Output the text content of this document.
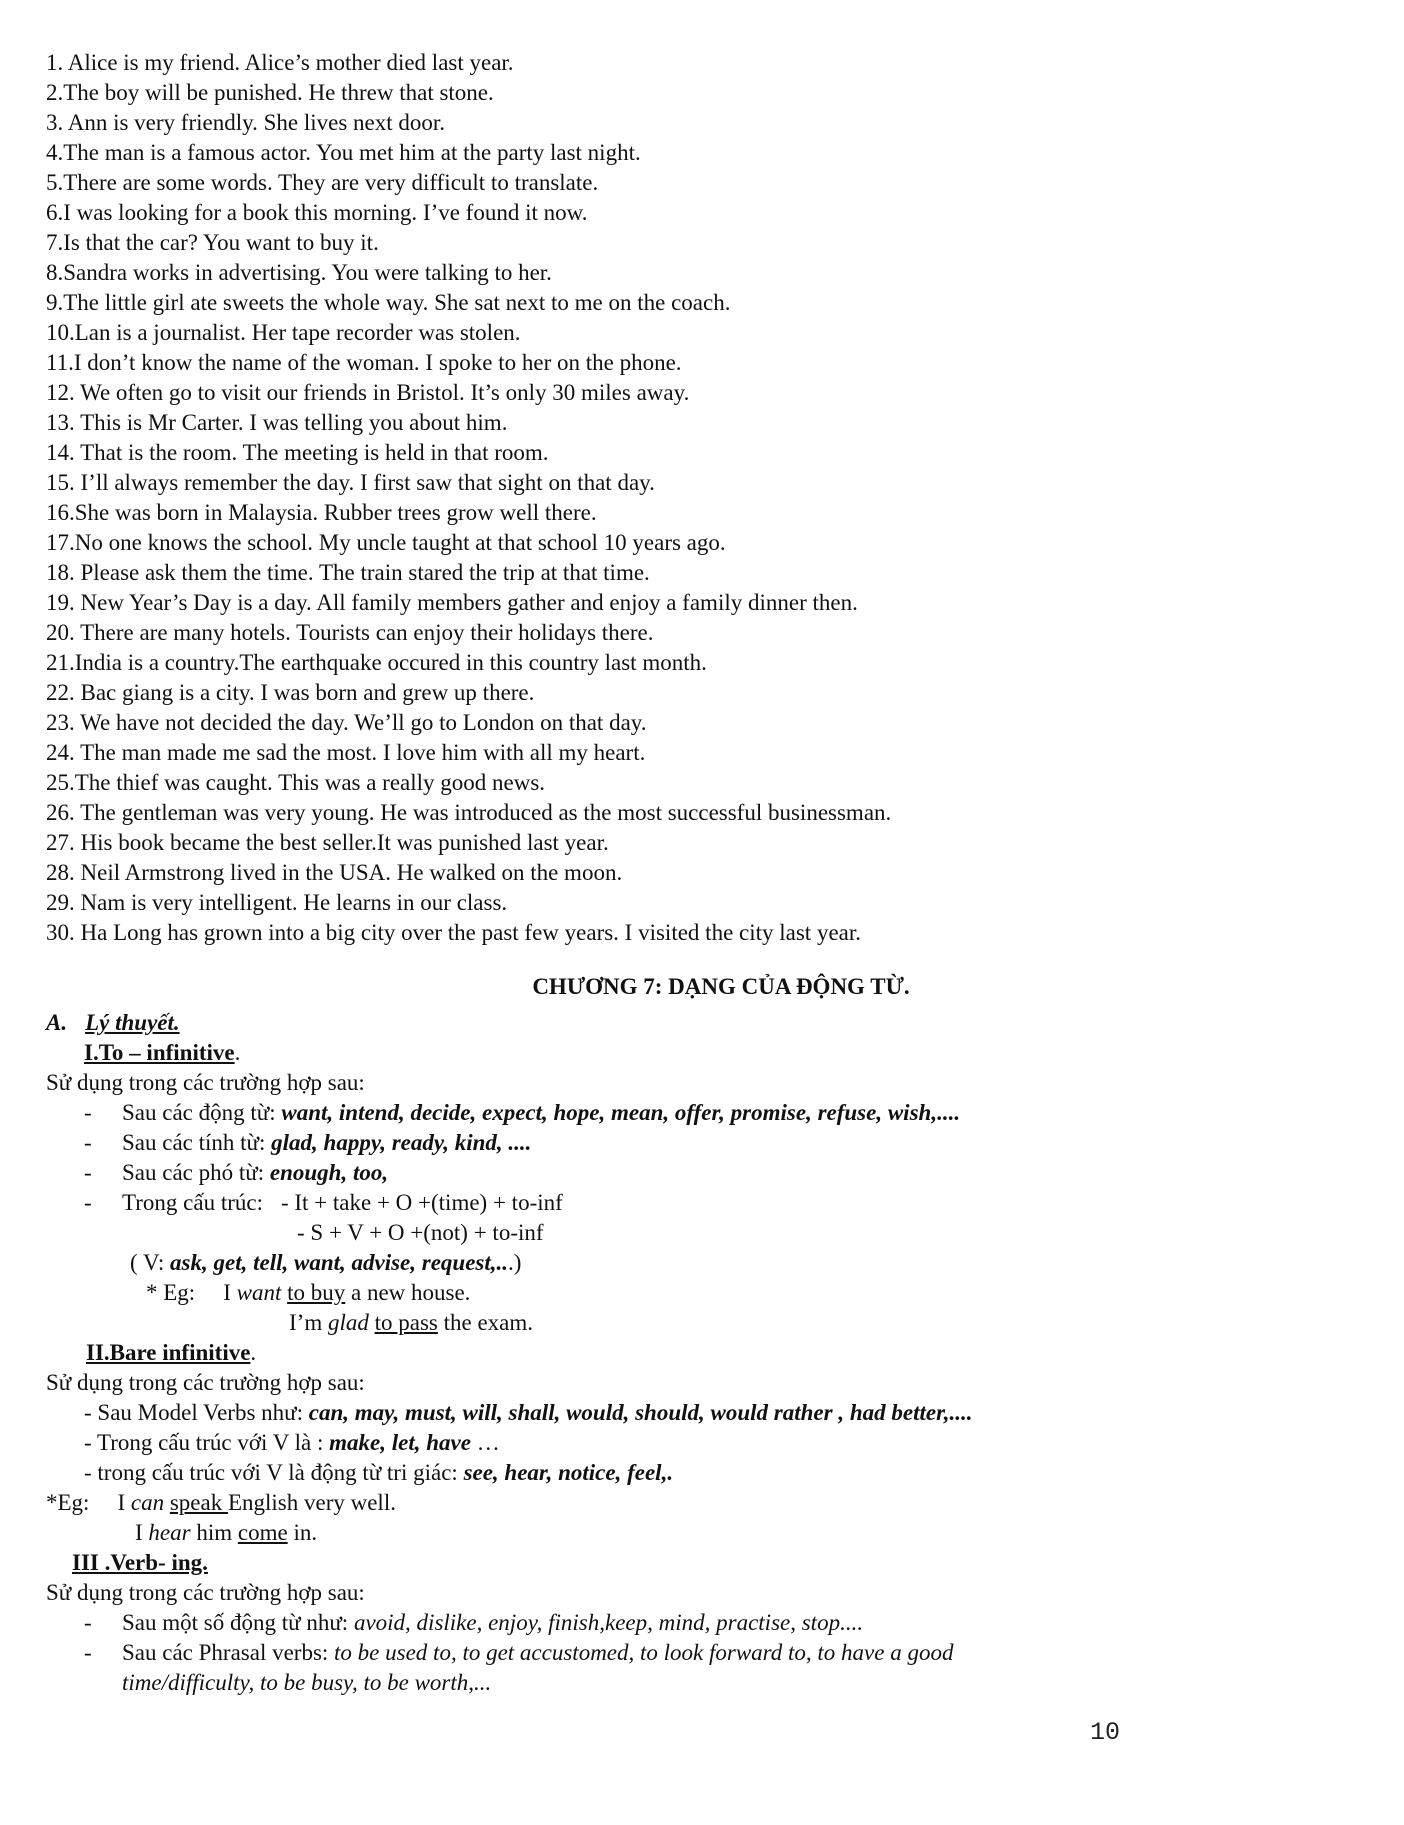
1. Alice is my friend. Alice’s mother died last year.
2.The boy will be punished. He threw that stone.
3. Ann is very friendly. She lives next door.
4.The man is a famous actor. You met him at the party last night.
5.There are some words. They are very difficult to translate.
6.I was looking for a book this morning. I’ve found it now.
7.Is that the car? You want to buy it.
8.Sandra works in advertising. You were talking to her.
9.The little girl ate sweets the whole way. She sat next to me on the coach.
10.Lan is a journalist. Her tape recorder was stolen.
11.I don’t know the name of the woman. I spoke to her on the phone.
12. We often go to visit our friends in Bristol. It’s only 30 miles away.
13. This is Mr Carter. I was telling you about him.
14. That is the room. The meeting is held in that room.
15. I’ll always remember the day. I first saw that sight on that day.
16.She was born in Malaysia. Rubber trees grow well there.
17.No one knows the school. My uncle taught at that school 10 years ago.
18. Please ask them the time. The train stared the trip at that time.
19. New Year’s Day is a day. All family members gather and enjoy a family dinner then.
20. There are many hotels. Tourists can enjoy their holidays there.
21.India is a country.The earthquake occured in this country last month.
22. Bac giang is a city. I was born and grew up there.
23. We have not decided the day. We’ll go to London on that day.
24. The man made me sad the most. I love him with all my heart.
25.The thief was caught. This was a really good news.
26. The gentleman was very young. He was introduced as the most successful businessman.
27. His book became the best seller.It was punished last year.
28. Neil Armstrong lived in the USA. He walked on the moon.
29. Nam is very intelligent. He learns in our class.
30. Ha Long has grown into a big city over the past few years. I visited the city last year.
CHƯƠNG 7: DẠNG CỦA ĐỘNG TỪ.
A. Lý thuyết.
I.To – infinitive.
Sử dụng trong các trường hợp sau:
- Sau các động từ: want, intend, decide, expect, hope, mean, offer, promise, refuse, wish,....
- Sau các tính từ: glad, happy, ready, kind, ....
- Sau các phó từ: enough, too,
- Trong cấu trúc: - It + take + O +(time) + to-inf
- S + V + O +(not) + to-inf
( V: ask, get, tell, want, advise, request,...)
* Eg: I want to buy a new house.
I’m glad to pass the exam.
II.Bare infinitive.
Sử dụng trong các trường hợp sau:
- Sau Model Verbs như: can, may, must, will, shall, would, should, would rather , had better,....
- Trong cấu trúc với V là : make, let, have …
- trong cấu trúc với V là động từ tri giác: see, hear, notice, feel,.
*Eg: I can speak English very well.
I hear him come in.
III .Verb- ing.
Sử dụng trong các trường hợp sau:
- Sau một số động từ như: avoid, dislike, enjoy, finish,keep, mind, practise, stop....
- Sau các Phrasal verbs: to be used to, to get accustomed, to look forward to, to have a good
time/difficulty, to be busy, to be worth,...
10
